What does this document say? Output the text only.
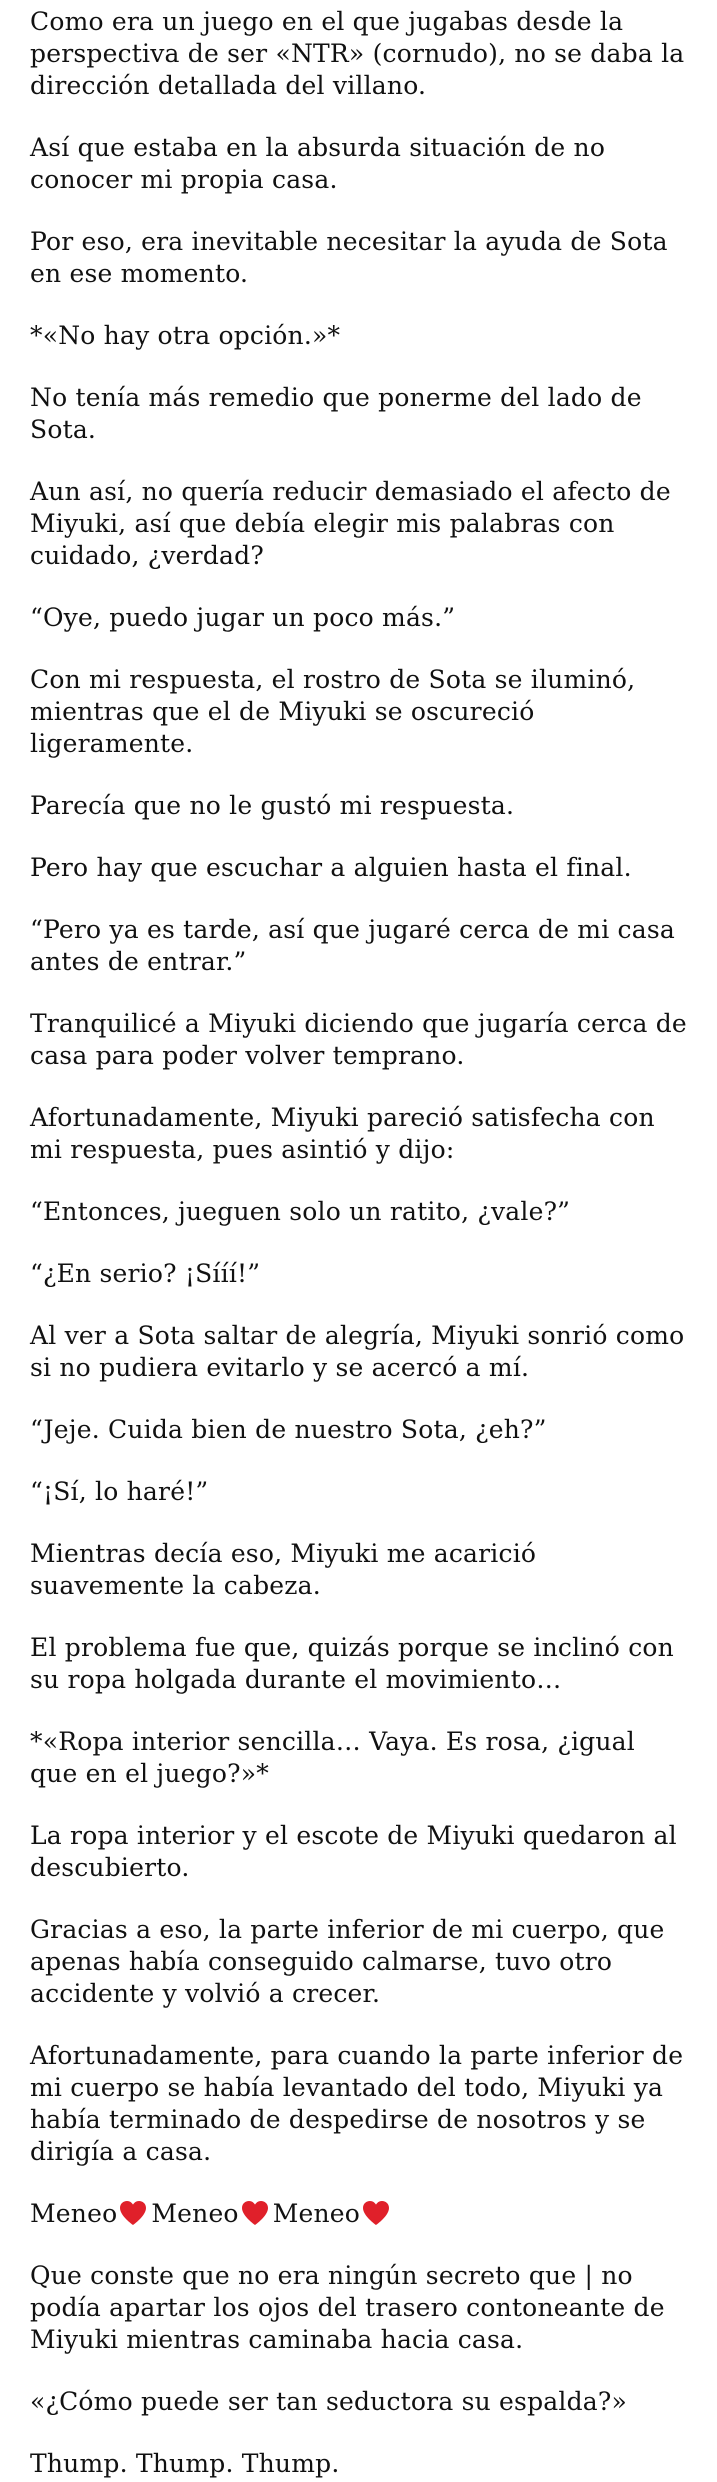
Como era un juego en el que jugabas desde la perspectiva de ser «NTR» (cornudo), no se daba la dirección detallada del villano.

Así que estaba en la absurda situación de no conocer mi propia casa.

Por eso, era inevitable necesitar la ayuda de Sota en ese momento.

*«No hay otra opción.»*

No tenía más remedio que ponerme del lado de Sota.

Aun así, no quería reducir demasiado el afecto de Miyuki, así que debía elegir mis palabras con cuidado, ¿verdad?

“Oye, puedo jugar un poco más.”

Con mi respuesta, el rostro de Sota se iluminó, mientras que el de Miyuki se oscureció ligeramente.

Parecía que no le gustó mi respuesta.

Pero hay que escuchar a alguien hasta el final.

“Pero ya es tarde, así que jugaré cerca de mi casa antes de entrar.”

Tranquilicé a Miyuki diciendo que jugaría cerca de casa para poder volver temprano.

Afortunadamente, Miyuki pareció satisfecha con mi respuesta, pues asintió y dijo:

“Entonces, jueguen solo un ratito, ¿vale?”

“¿En serio? ¡Sííí!”

Al ver a Sota saltar de alegría, Miyuki sonrió como si no pudiera evitarlo y se acercó a mí.

“Jeje. Cuida bien de nuestro Sota, ¿eh?”

“¡Sí, lo haré!”

Mientras decía eso, Miyuki me acarició suavemente la cabeza.

El problema fue que, quizás porque se inclinó con su ropa holgada durante el movimiento…

*«Ropa interior sencilla… Vaya. Es rosa, ¿igual que en el juego?»*

La ropa interior y el escote de Miyuki quedaron al descubierto.

Gracias a eso, la parte inferior de mi cuerpo, que apenas había conseguido calmarse, tuvo otro accidente y volvió a crecer.

Afortunadamente, para cuando la parte inferior de mi cuerpo se había levantado del todo, Miyuki ya había terminado de despedirse de nosotros y se dirigía a casa.

Meneo Meneo Meneo

Que conste que no era ningún secreto que | no podía apartar los ojos del trasero contoneante de Miyuki mientras caminaba hacia casa.

«¿Cómo puede ser tan seductora su espalda?»

Thump. Thump. Thump.
